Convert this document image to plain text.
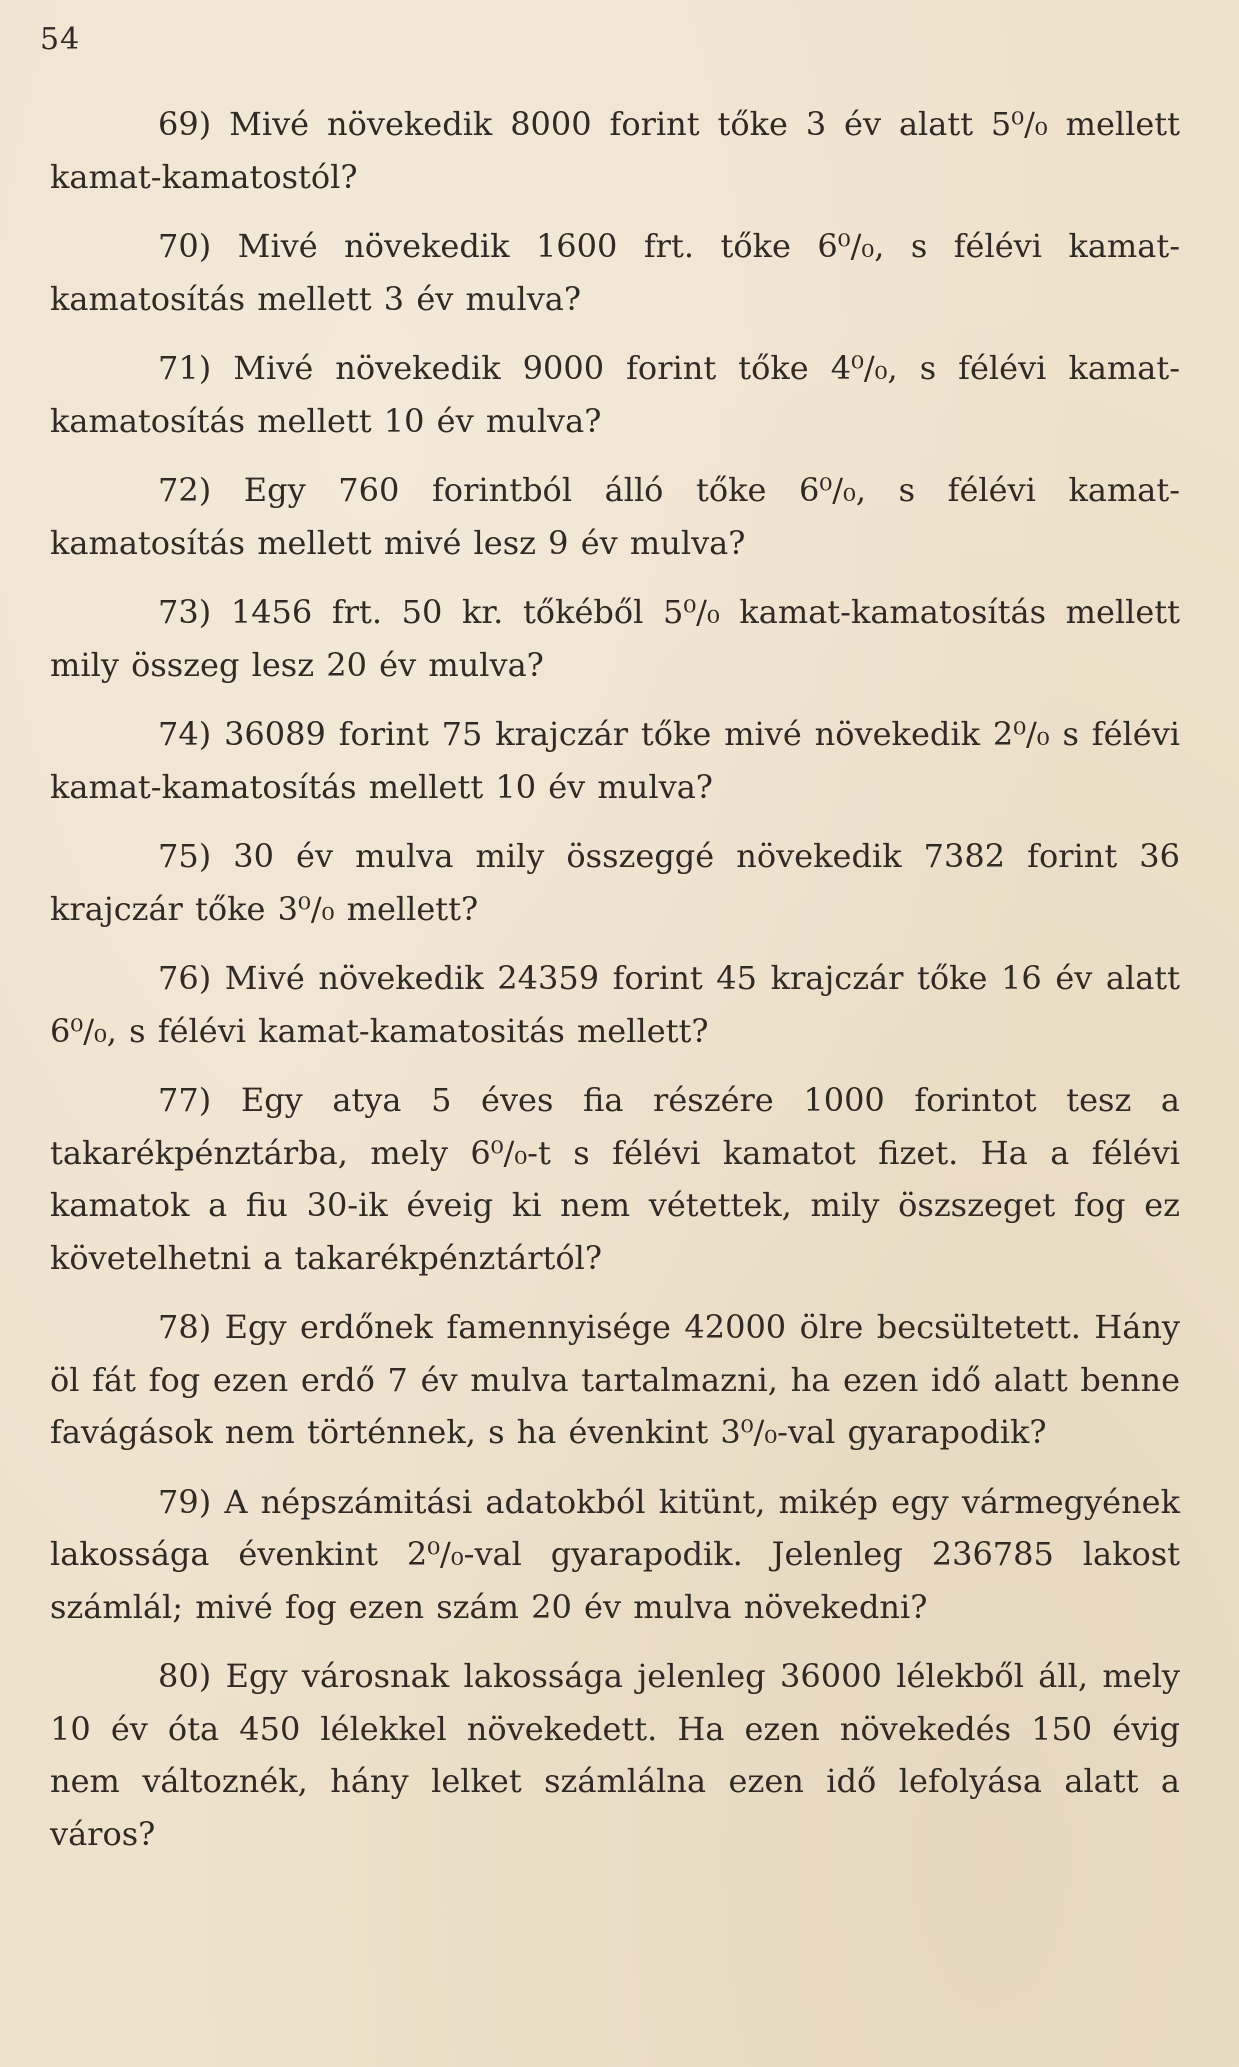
54

69) Mivé növekedik 8000 forint tőke 3 év alatt 5⁰/₀ mellett kamat-kamatostól?

70) Mivé növekedik 1600 frt. tőke 6⁰/₀, s félévi kamat-kamatosítás mellett 3 év mulva?

71) Mivé növekedik 9000 forint tőke 4⁰/₀, s félévi kamat-kamatosítás mellett 10 év mulva?

72) Egy 760 forintból álló tőke 6⁰/₀, s félévi kamat-kamatosítás mellett mivé lesz 9 év mulva?

73) 1456 frt. 50 kr. tőkéből 5⁰/₀ kamat-kamatosítás mellett mily összeg lesz 20 év mulva?

74) 36089 forint 75 krajczár tőke mivé növekedik 2⁰/₀ s félévi kamat-kamatosítás mellett 10 év mulva?

75) 30 év mulva mily összeggé növekedik 7382 forint 36 krajczár tőke 3⁰/₀ mellett?

76) Mivé növekedik 24359 forint 45 krajczár tőke 16 év alatt 6⁰/₀, s félévi kamat-kamatositás mellett?

77) Egy atya 5 éves fia részére 1000 forintot tesz a takarékpénztárba, mely 6⁰/₀-t s félévi kamatot fizet. Ha a félévi kamatok a fiu 30-ik éveig ki nem vétettek, mily öszszeget fog ez követelhetni a takarékpénztártól?

78) Egy erdőnek famennyisége 42000 ölre becsültetett. Hány öl fát fog ezen erdő 7 év mulva tartalmazni, ha ezen idő alatt benne favágások nem történnek, s ha évenkint 3⁰/₀-val gyarapodik?

79) A népszámitási adatokból kitünt, mikép egy vármegyének lakossága évenkint 2⁰/₀-val gyarapodik. Jelenleg 236785 lakost számlál; mivé fog ezen szám 20 év mulva növekedni?

80) Egy városnak lakossága jelenleg 36000 lélekből áll, mely 10 év óta 450 lélekkel növekedett. Ha ezen növekedés 150 évig nem változnék, hány lelket számlálna ezen idő lefolyása alatt a város?
